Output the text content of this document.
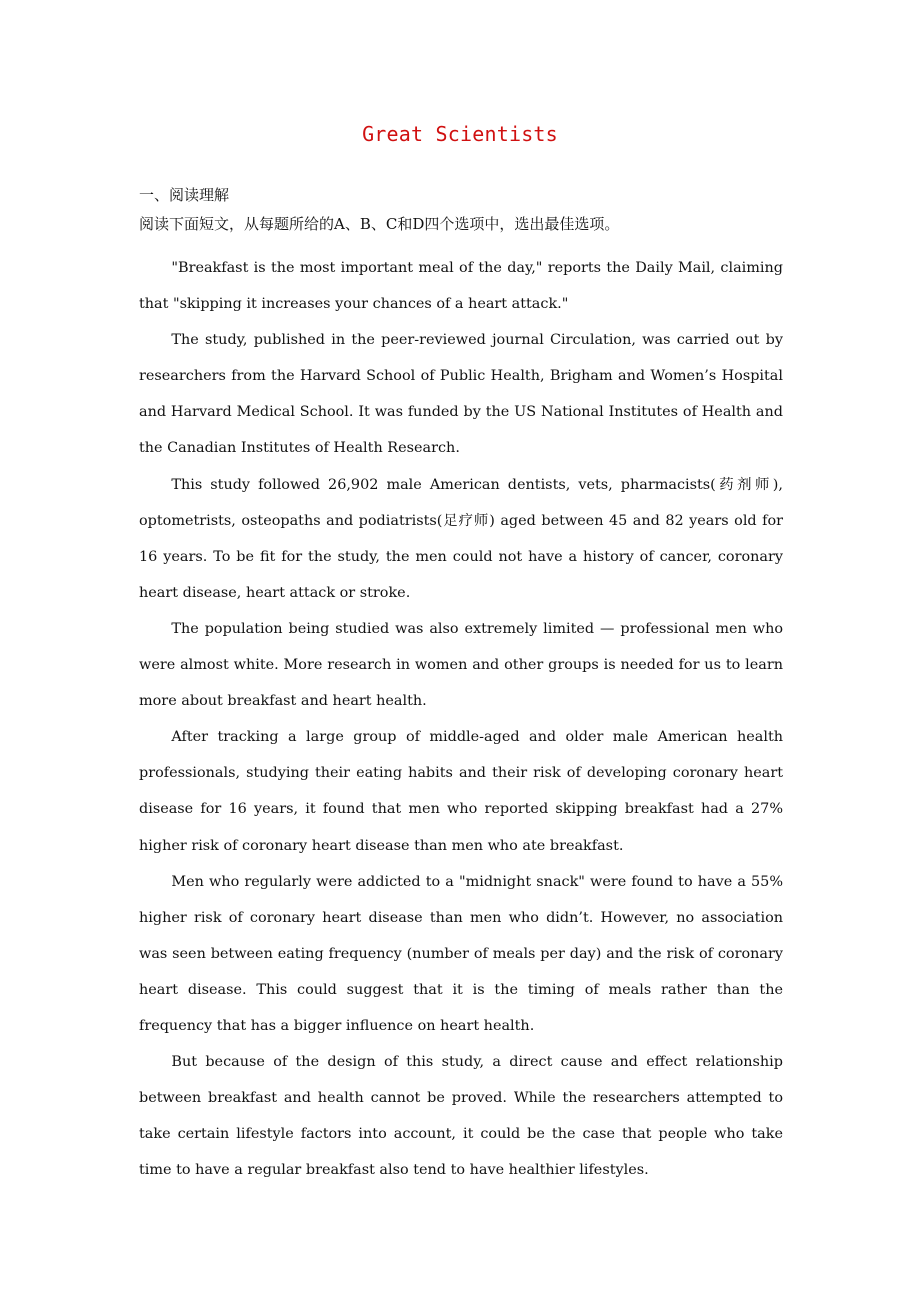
Great Scientists
一、阅读理解
阅读下面短文，从每题所给的A、B、C和D四个选项中，选出最佳选项。

"Breakfast is the most important meal of the day," reports the Daily Mail, claiming that "skipping it increases your chances of a heart attack."

The study, published in the peer-reviewed journal Circulation, was carried out by researchers from the Harvard School of Public Health, Brigham and Women’s Hospital and Harvard Medical School. It was funded by the US National Institutes of Health and the Canadian Institutes of Health Research.

This study followed 26,902 male American dentists, vets, pharmacists(药剂师), optometrists, osteopaths and podiatrists(足疗师) aged between 45 and 82 years old for 16 years. To be fit for the study, the men could not have a history of cancer, coronary heart disease, heart attack or stroke.

The population being studied was also extremely limited — professional men who were almost white. More research in women and other groups is needed for us to learn more about breakfast and heart health.

After tracking a large group of middle-aged and older male American health professionals, studying their eating habits and their risk of developing coronary heart disease for 16 years, it found that men who reported skipping breakfast had a 27% higher risk of coronary heart disease than men who ate breakfast.

Men who regularly were addicted to a "midnight snack" were found to have a 55% higher risk of coronary heart disease than men who didn’t. However, no association was seen between eating frequency (number of meals per day) and the risk of coronary heart disease. This could suggest that it is the timing of meals rather than the frequency that has a bigger influence on heart health.

But because of the design of this study, a direct cause and effect relationship between breakfast and health cannot be proved. While the researchers attempted to take certain lifestyle factors into account, it could be the case that people who take time to have a regular breakfast also tend to have healthier lifestyles.
